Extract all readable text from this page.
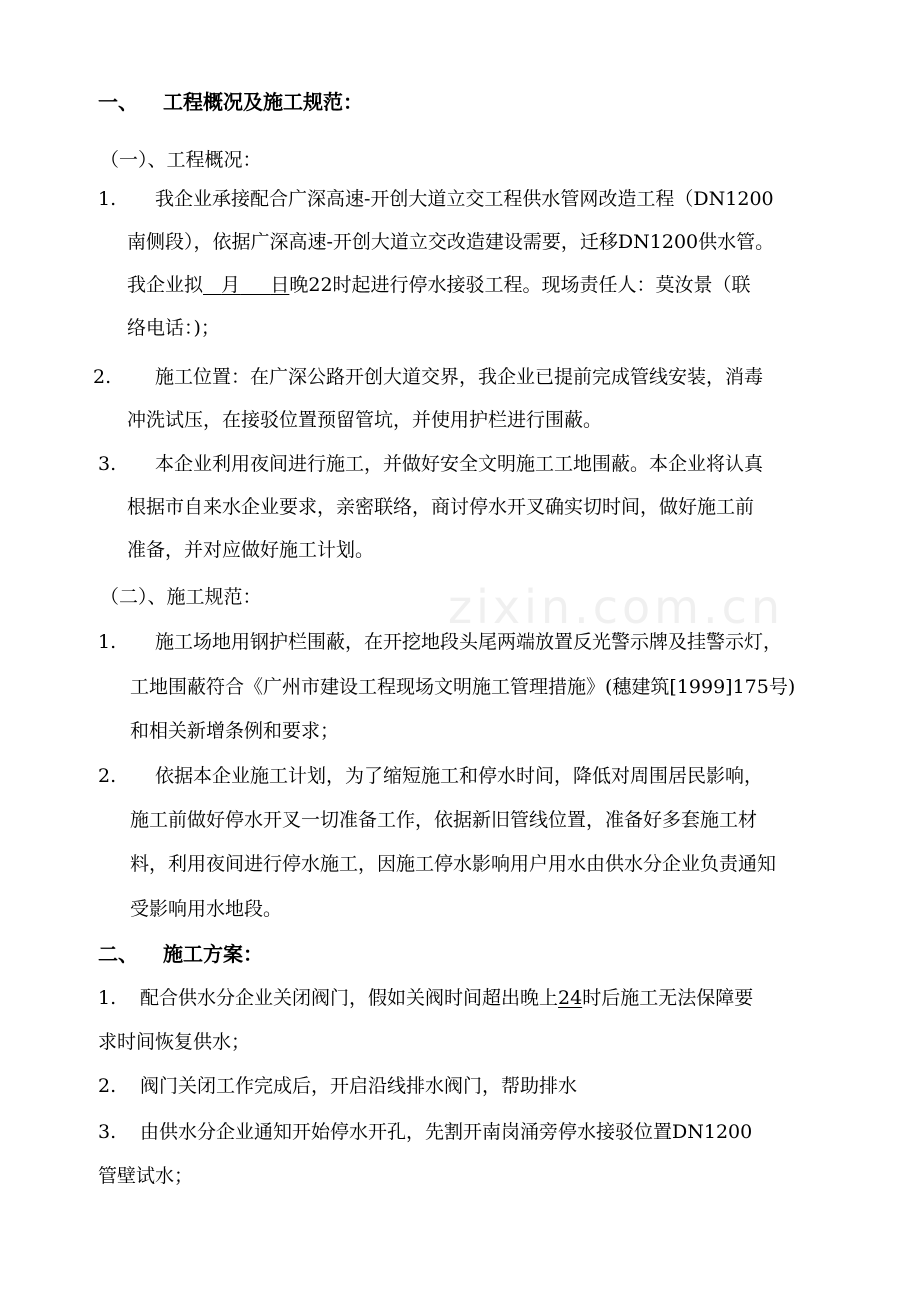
zixin.com.cn
一、 工程概况及施工规范：
（一）、工程概况：
1. 我企业承接配合广深高速-开创大道立交工程供水管网改造工程（DN1200
南侧段），依据广深高速-开创大道立交改造建设需要，迁移DN1200供水管。
我企业拟 月 日晚22时起进行停水接驳工程。现场责任人：莫汝景（联
络电话：)；
2. 施工位置：在广深公路开创大道交界，我企业已提前完成管线安装，消毒
冲洗试压，在接驳位置预留管坑，并使用护栏进行围蔽。
3. 本企业利用夜间进行施工，并做好安全文明施工工地围蔽。本企业将认真
根据市自来水企业要求，亲密联络，商讨停水开叉确实切时间，做好施工前
准备，并对应做好施工计划。
（二）、施工规范：
1. 施工场地用钢护栏围蔽，在开挖地段头尾两端放置反光警示牌及挂警示灯，
工地围蔽符合《广州市建设工程现场文明施工管理措施》(穗建筑[1999]175号)
和相关新增条例和要求；
2. 依据本企业施工计划，为了缩短施工和停水时间，降低对周围居民影响，
施工前做好停水开叉一切准备工作，依据新旧管线位置，准备好多套施工材
料，利用夜间进行停水施工，因施工停水影响用户用水由供水分企业负责通知
受影响用水地段。
二、 施工方案：
1. 配合供水分企业关闭阀门，假如关阀时间超出晚上24时后施工无法保障要
求时间恢复供水；
2. 阀门关闭工作完成后，开启沿线排水阀门，帮助排水
3. 由供水分企业通知开始停水开孔，先割开南岗涌旁停水接驳位置DN1200
管壁试水；
